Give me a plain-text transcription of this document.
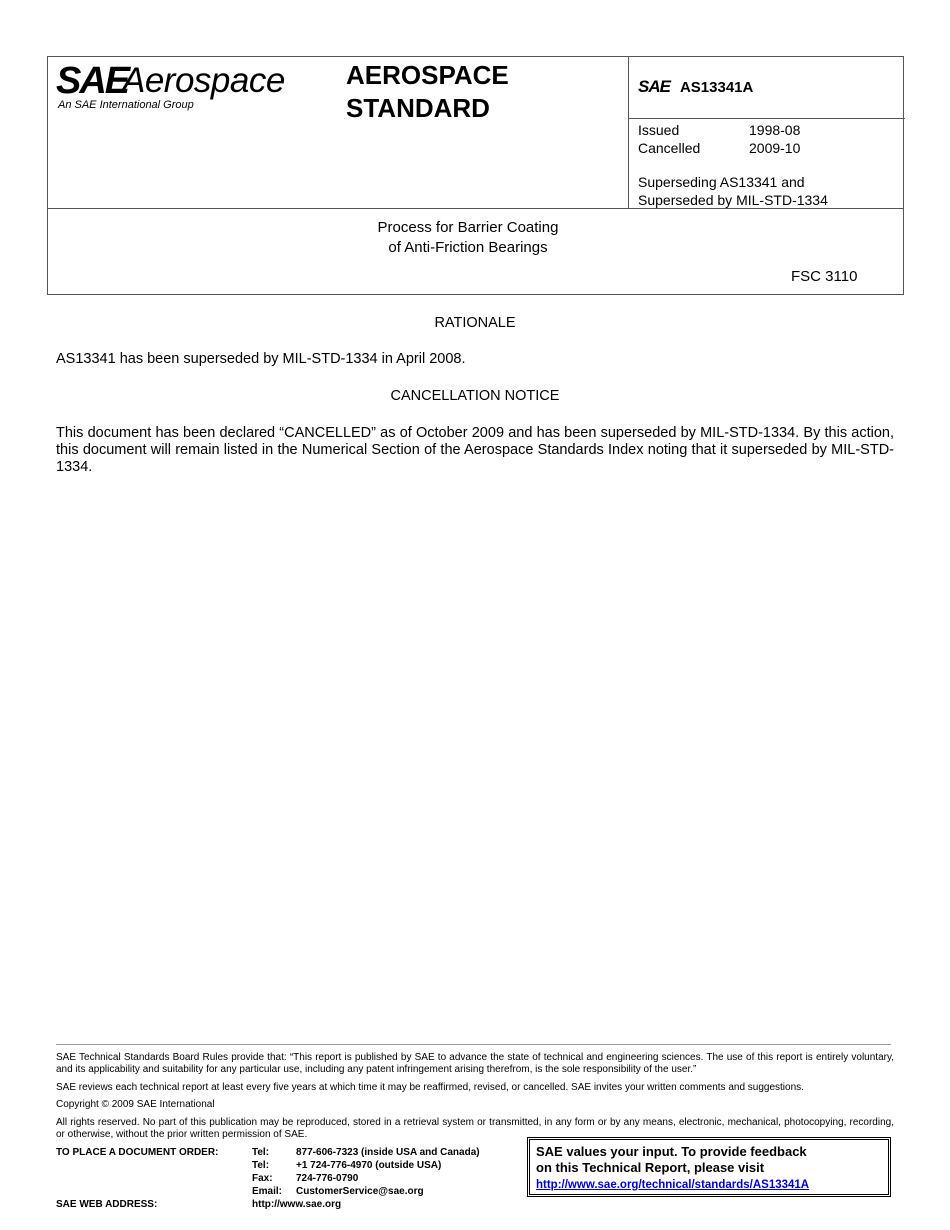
SAE
Aerospace
An SAE International Group
AEROSPACE
STANDARD
SAE AS13341A
Issued	1998-08
Cancelled	2009-10
Superseding AS13341 and
Superseded by MIL-STD-1334
Process for Barrier Coating
of Anti-Friction Bearings
FSC 3110
RATIONALE
AS13341 has been superseded by MIL-STD-1334 in April 2008.
CANCELLATION NOTICE
This document has been declared “CANCELLED” as of October 2009 and has been superseded by MIL-STD-1334. By this action, this document will remain listed in the Numerical Section of the Aerospace Standards Index noting that it superseded by MIL-STD-1334.
SAE Technical Standards Board Rules provide that: “This report is published by SAE to advance the state of technical and engineering sciences. The use of this report is entirely voluntary, and its applicability and suitability for any particular use, including any patent infringement arising therefrom, is the sole responsibility of the user.”
SAE reviews each technical report at least every five years at which time it may be reaffirmed, revised, or cancelled. SAE invites your written comments and suggestions.
Copyright © 2009 SAE International
All rights reserved. No part of this publication may be reproduced, stored in a retrieval system or transmitted, in any form or by any means, electronic, mechanical, photocopying, recording, or otherwise, without the prior written permission of SAE.
TO PLACE A DOCUMENT ORDER:	Tel:	877-606-7323 (inside USA and Canada)
Tel:	+1 724-776-4970 (outside USA)
Fax:	724-776-0790
Email:	CustomerService@sae.org
SAE WEB ADDRESS:	http://www.sae.org
SAE values your input. To provide feedback
on this Technical Report, please visit
http://www.sae.org/technical/standards/AS13341A
